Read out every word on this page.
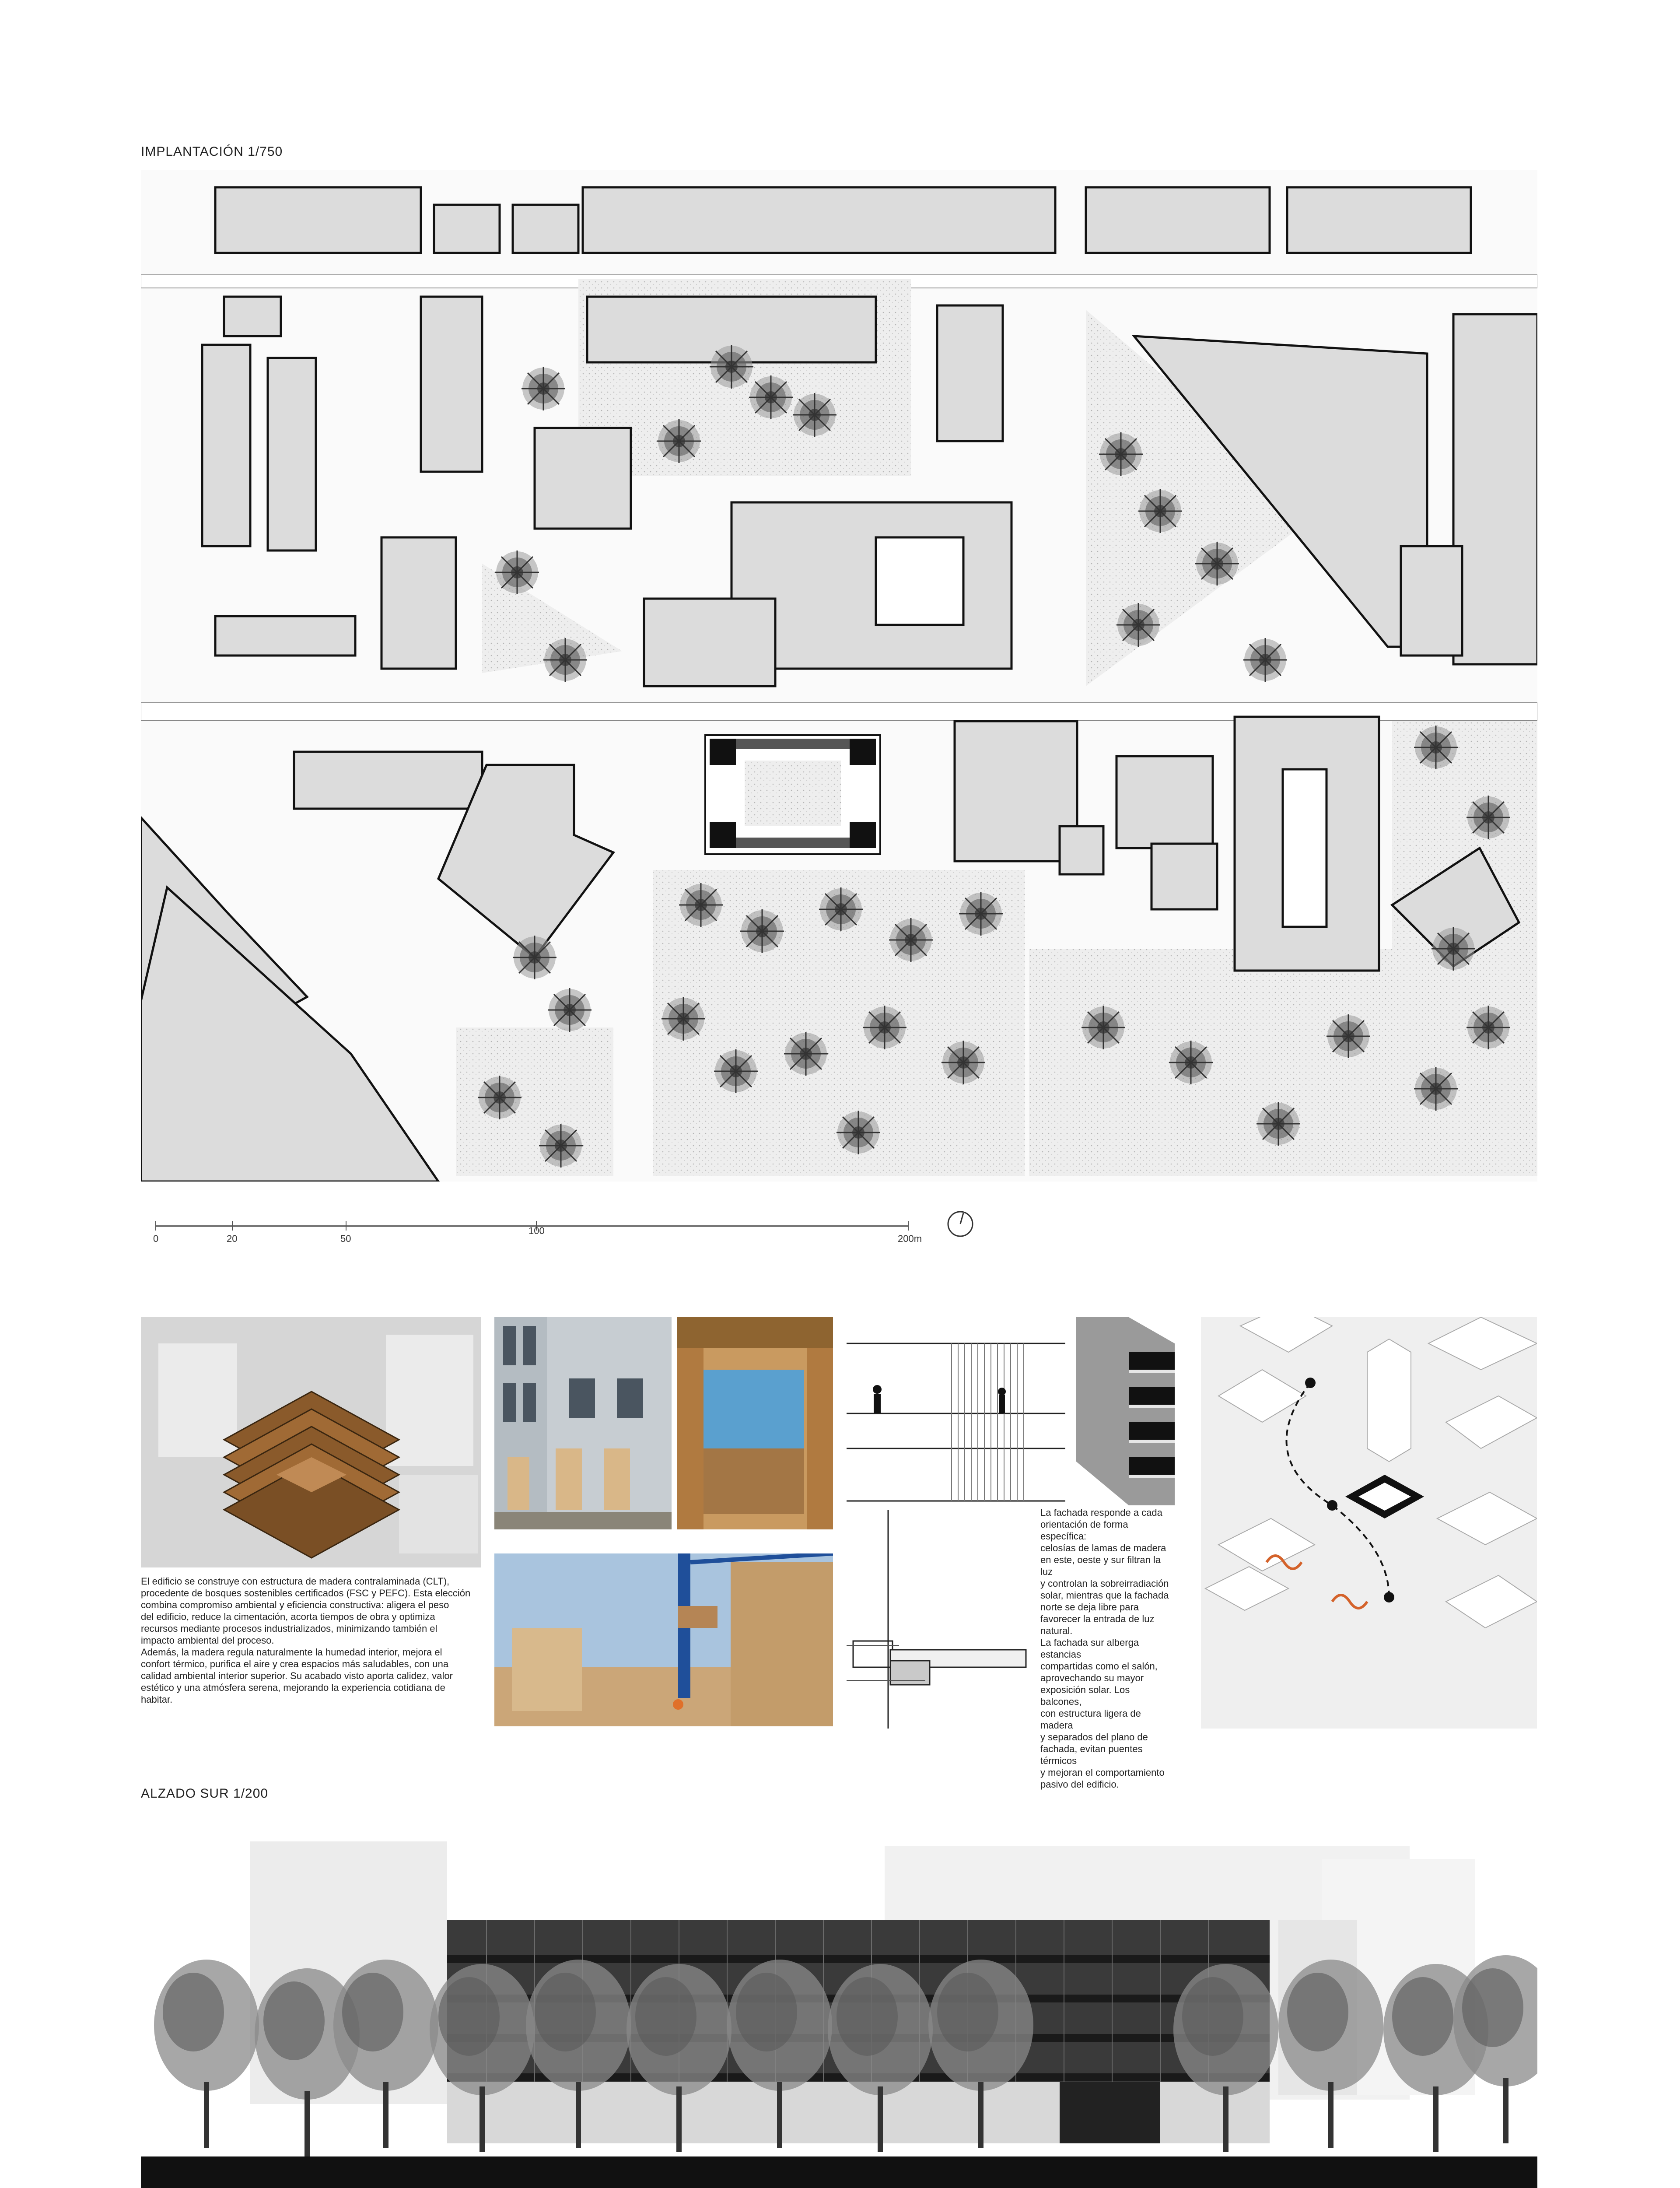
IMPLANTACIÓN 1/750
0	20	50
100
200m
El edificio se construye con estructura de madera contralaminada (CLT),
procedente de bosques sostenibles certificados (FSC y PEFC). Esta elección
combina compromiso ambiental y eficiencia constructiva: aligera el peso
del edificio, reduce la cimentación, acorta tiempos de obra y optimiza
recursos mediante procesos industrializados, minimizando también el
impacto ambiental del proceso.
Además, la madera regula naturalmente la humedad interior, mejora el
confort térmico, purifica el aire y crea espacios más saludables, con una
calidad ambiental interior superior. Su acabado visto aporta calidez, valor
estético y una atmósfera serena, mejorando la experiencia cotidiana de
habitar.
La fachada responde a cada
orientación de forma específica:
celosías de lamas de madera
en este, oeste y sur filtran la luz
y controlan la sobreirradiación
solar, mientras que la fachada
norte se deja libre para
favorecer la entrada de luz
natural.
La fachada sur alberga estancias
compartidas como el salón,
aprovechando su mayor
exposición solar. Los balcones,
con estructura ligera de madera
y separados del plano de
fachada, evitan puentes térmicos
y mejoran el comportamiento
pasivo del edificio.
ALZADO SUR 1/200
